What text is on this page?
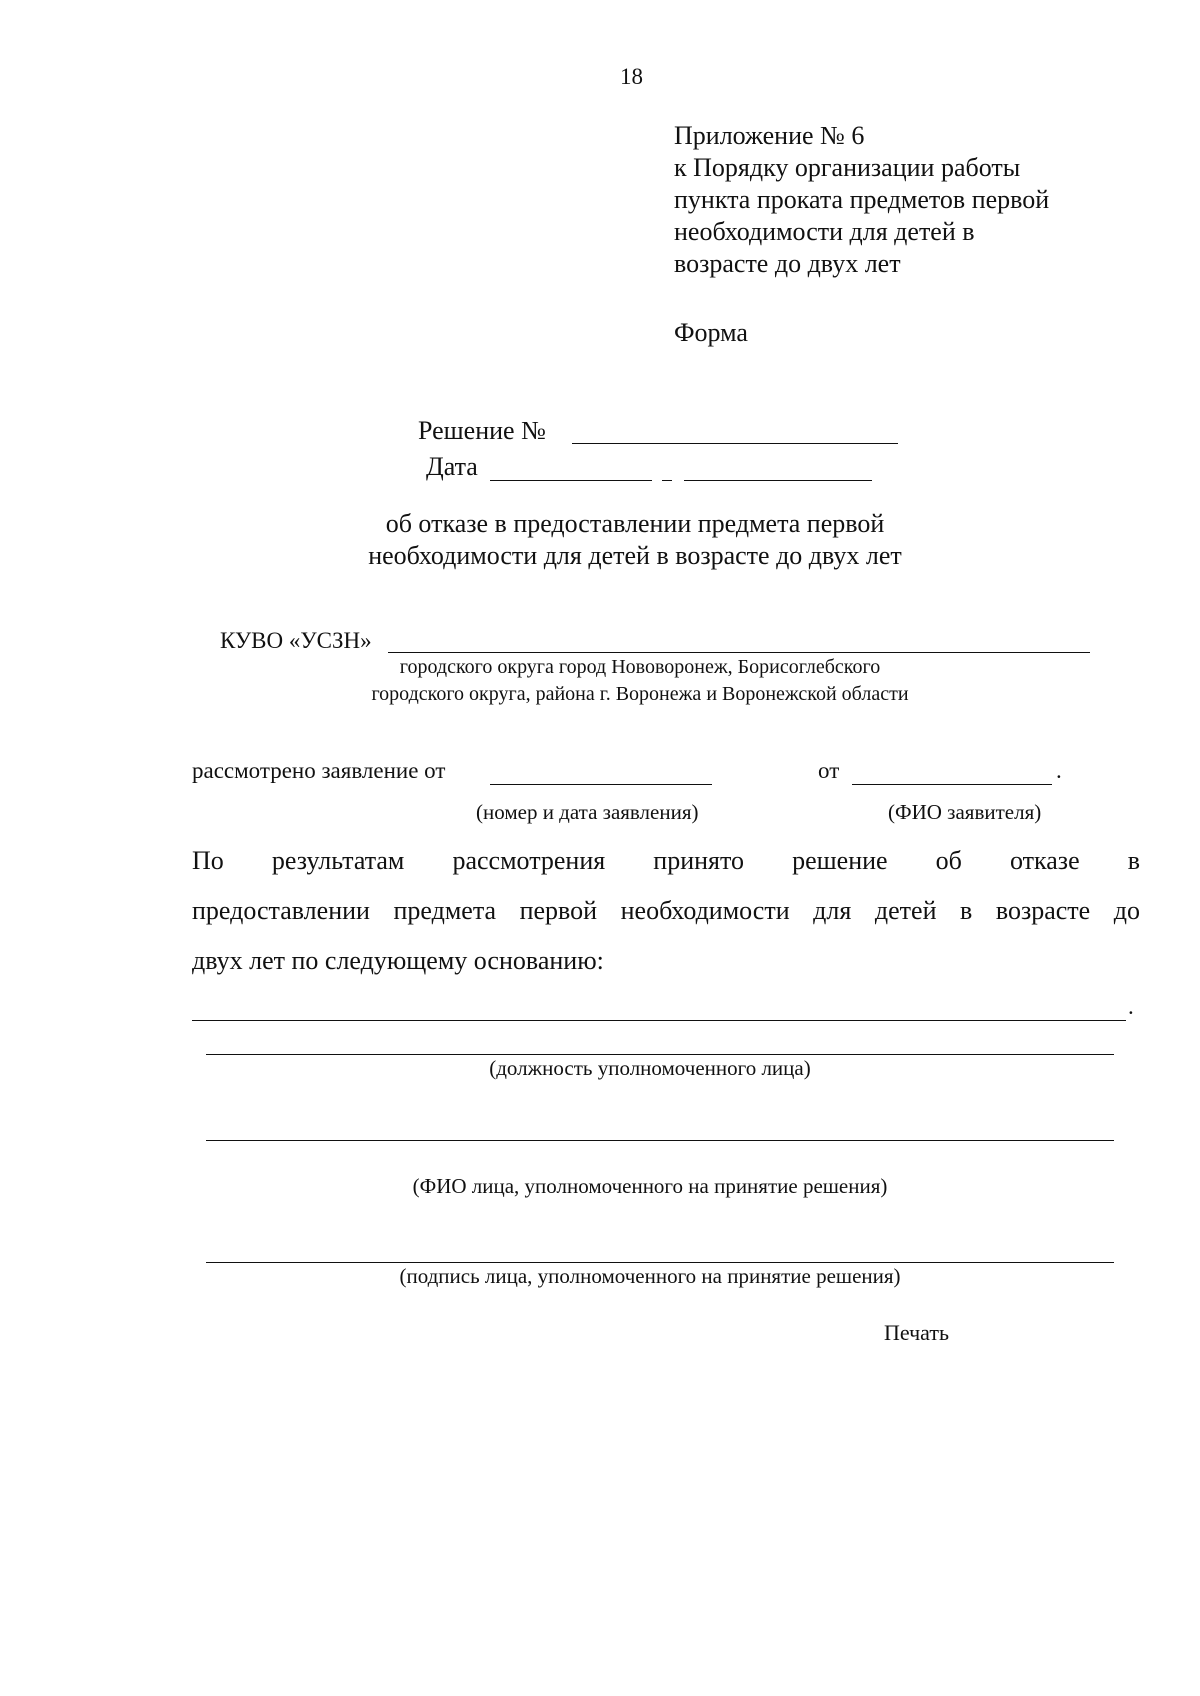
18
Приложение № 6
к Порядку организации работы
пункта проката предметов первой
необходимости для детей в
возрасте до двух лет
Форма
Решение №
Дата
об отказе в предоставлении предмета первой
необходимости для детей в возрасте до двух лет
КУВО «УСЗН»
городского округа город Нововоронеж, Борисоглебского
городского округа, района г. Воронежа и Воронежской области
рассмотрено заявление от	от	.
(номер и дата заявления)	(ФИО заявителя)
По результатам рассмотрения принято решение об отказе в
предоставлении предмета первой необходимости для детей в возрасте до
двух лет по следующему основанию:
.
(должность уполномоченного лица)
(ФИО лица, уполномоченного на принятие решения)
(подпись лица, уполномоченного на принятие решения)
Печать
